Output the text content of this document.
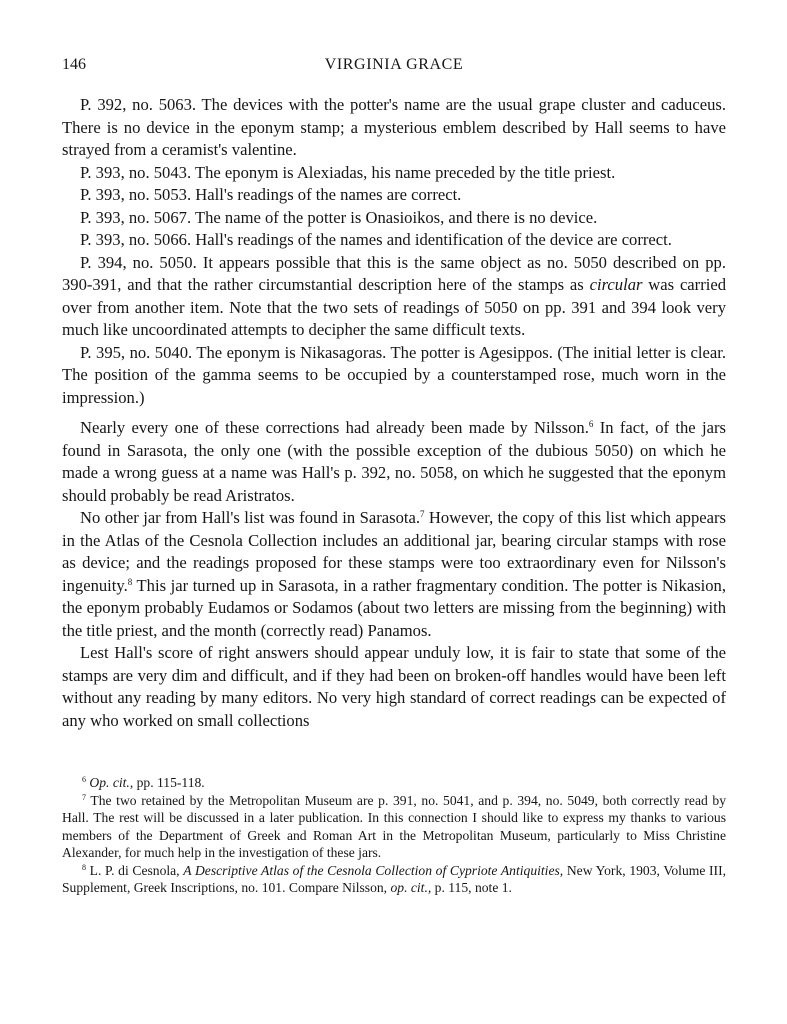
146	VIRGINIA GRACE

P. 392, no. 5063. The devices with the potter's name are the usual grape cluster and caduceus. There is no device in the eponym stamp; a mysterious emblem described by Hall seems to have strayed from a ceramist's valentine.

P. 393, no. 5043. The eponym is Alexiadas, his name preceded by the title priest.

P. 393, no. 5053. Hall's readings of the names are correct.

P. 393, no. 5067. The name of the potter is Onasioikos, and there is no device.

P. 393, no. 5066. Hall's readings of the names and identification of the device are correct.

P. 394, no. 5050. It appears possible that this is the same object as no. 5050 described on pp. 390-391, and that the rather circumstantial description here of the stamps as circular was carried over from another item. Note that the two sets of readings of 5050 on pp. 391 and 394 look very much like uncoordinated attempts to decipher the same difficult texts.

P. 395, no. 5040. The eponym is Nikasagoras. The potter is Agesippos. (The initial letter is clear. The position of the gamma seems to be occupied by a counterstamped rose, much worn in the impression.)

Nearly every one of these corrections had already been made by Nilsson.$^6$ In fact, of the jars found in Sarasota, the only one (with the possible exception of the dubious 5050) on which he made a wrong guess at a name was Hall's p. 392, no. 5058, on which he suggested that the eponym should probably be read Aristratos.

No other jar from Hall's list was found in Sarasota.$^7$ However, the copy of this list which appears in the Atlas of the Cesnola Collection includes an additional jar, bearing circular stamps with rose as device; and the readings proposed for these stamps were too extraordinary even for Nilsson's ingenuity.$^8$ This jar turned up in Sarasota, in a rather fragmentary condition. The potter is Nikasion, the eponym probably Eudamos or Sodamos (about two letters are missing from the beginning) with the title priest, and the month (correctly read) Panamos.

Lest Hall's score of right answers should appear unduly low, it is fair to state that some of the stamps are very dim and difficult, and if they had been on broken-off handles would have been left without any reading by many editors. No very high standard of correct readings can be expected of any who worked on small collections

$^6$ Op. cit., pp. 115-118.

$^7$ The two retained by the Metropolitan Museum are p. 391, no. 5041, and p. 394, no. 5049, both correctly read by Hall. The rest will be discussed in a later publication. In this connection I should like to express my thanks to various members of the Department of Greek and Roman Art in the Metropolitan Museum, particularly to Miss Christine Alexander, for much help in the investigation of these jars.

$^8$ L. P. di Cesnola, A Descriptive Atlas of the Cesnola Collection of Cypriote Antiquities, New York, 1903, Volume III, Supplement, Greek Inscriptions, no. 101. Compare Nilsson, op. cit., p. 115, note 1.
